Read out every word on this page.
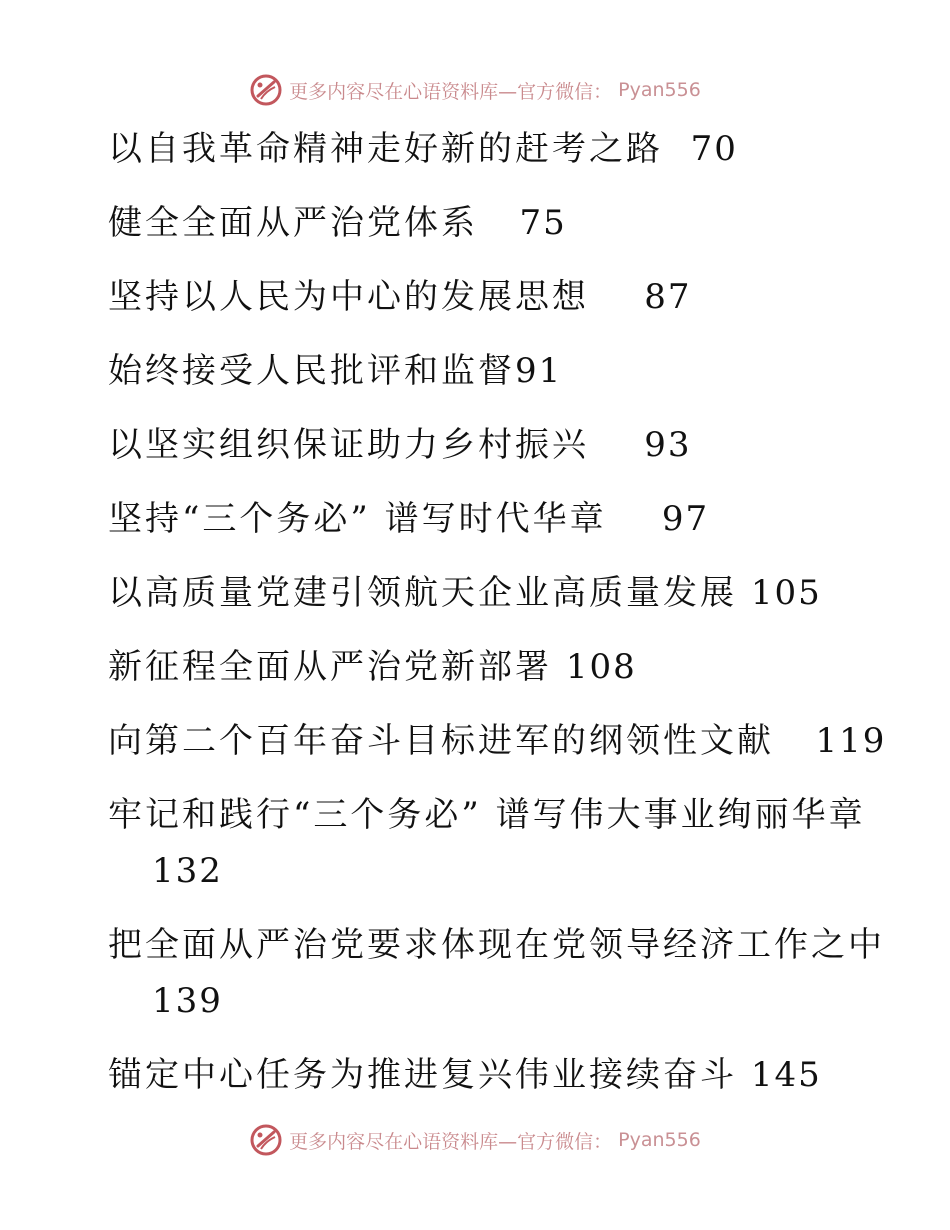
更多内容尽在心语资料库—官方微信： Pyan556
以自我革命精神走好新的赶考之路 70
健全全面从严治党体系 75
坚持以人民为中心的发展思想 87
始终接受人民批评和监督91
以坚实组织保证助力乡村振兴 93
坚持“三个务必” 谱写时代华章 97
以高质量党建引领航天企业高质量发展 105
新征程全面从严治党新部署 108
向第二个百年奋斗目标进军的纲领性文献 119
牢记和践行“三个务必” 谱写伟大事业绚丽华章
132
把全面从严治党要求体现在党领导经济工作之中
139
锚定中心任务为推进复兴伟业接续奋斗 145
更多内容尽在心语资料库—官方微信： Pyan556
